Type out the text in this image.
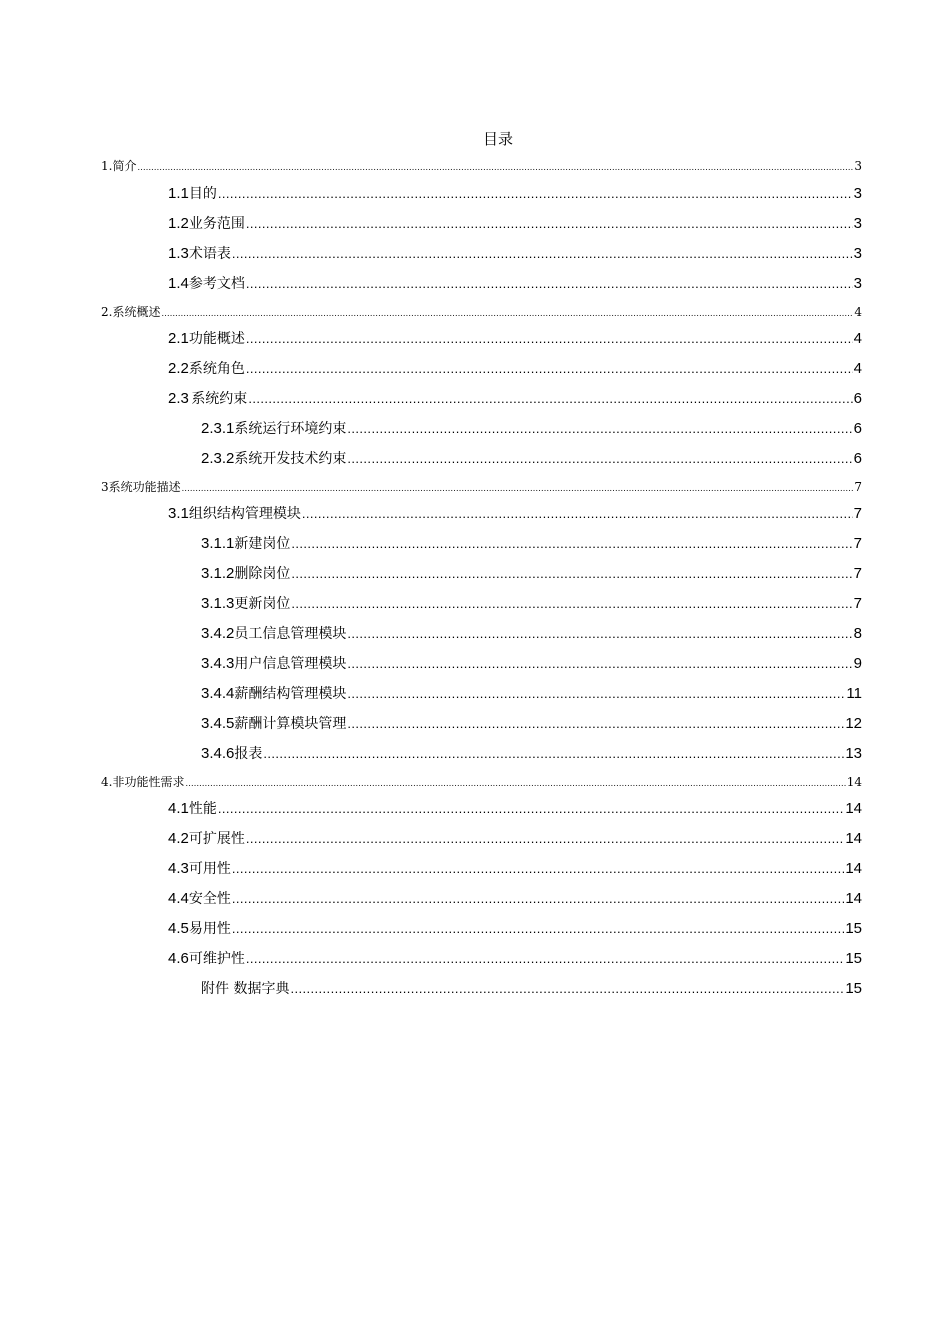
目录
1. 简介 .....	3
1.1 目的 .....	3
1.2 业务范围 .....	3
1.3 术语表 .....	3
1.4 参考文档 .....	3
2. 系统概述 .....	4
2.1 功能概述 .....	4
2.2 系统角色 .....	4
2.3 系统约束 .....	6
2.3.1 系统运行环境约束 .....	6
2.3.2 系统开发技术约束 .....	6
3 系统功能描述 .....	7
3.1 组织结构管理模块 .....	7
3.1.1 新建岗位 .....	7
3.1.2 删除岗位 .....	7
3.1.3 更新岗位 .....	7
3.4.2 员工信息管理模块 .....	8
3.4.3 用户信息管理模块 .....	9
3.4.4 薪酬结构管理模块 .....	11
3.4.5 薪酬计算模块管理 .....	12
3.4.6 报表 .....	13
4. 非功能性需求 .....	14
4.1 性能 .....	14
4.2 可扩展性 .....	14
4.3 可用性 .....	14
4.4 安全性 .....	14
4.5 易用性 .....	15
4.6 可维护性 .....	15
附件 数据字典 .....	15
